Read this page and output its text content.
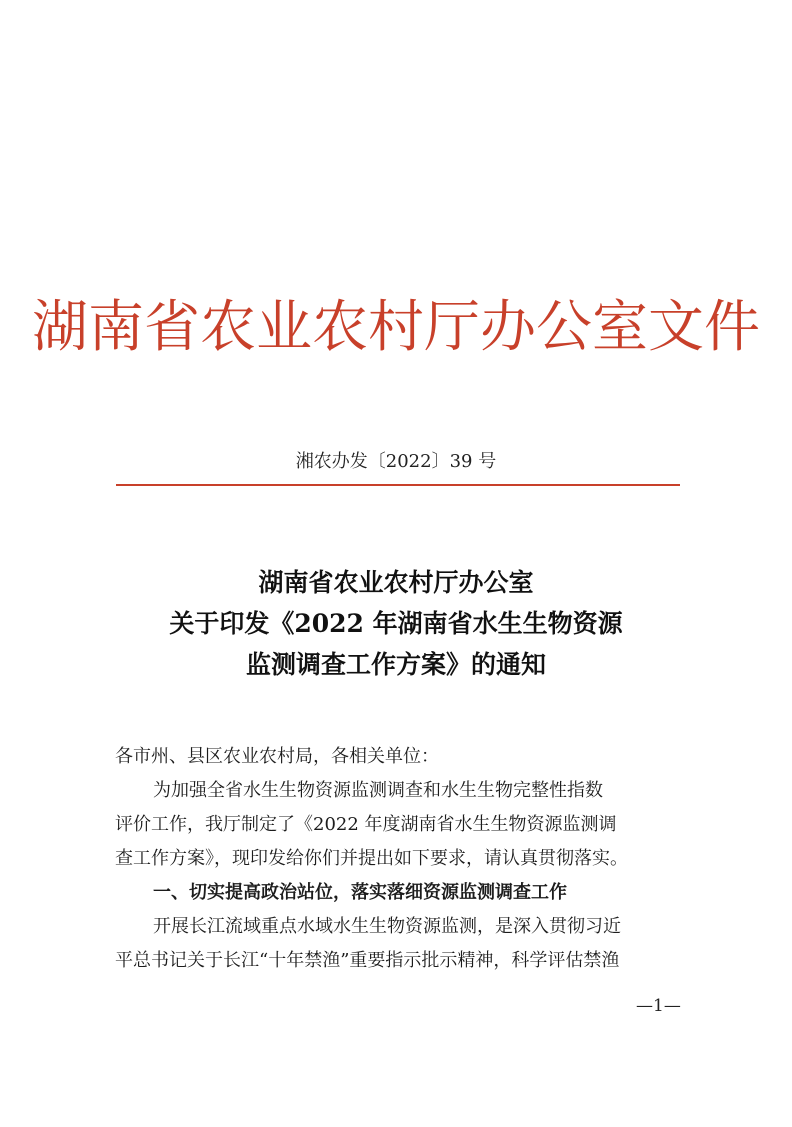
湖南省农业农村厅办公室文件
湘农办发〔2022〕39 号
湖南省农业农村厅办公室
关于印发《2022 年湖南省水生生物资源
监测调查工作方案》的通知
各市州、县区农业农村局，各相关单位：
为加强全省水生生物资源监测调查和水生生物完整性指数
评价工作，我厅制定了《2022 年度湖南省水生生物资源监测调
查工作方案》，现印发给你们并提出如下要求，请认真贯彻落实。
一、切实提高政治站位，落实落细资源监测调查工作
开展长江流域重点水域水生生物资源监测，是深入贯彻习近
平总书记关于长江“十年禁渔”重要指示批示精神，科学评估禁渔
—1—
